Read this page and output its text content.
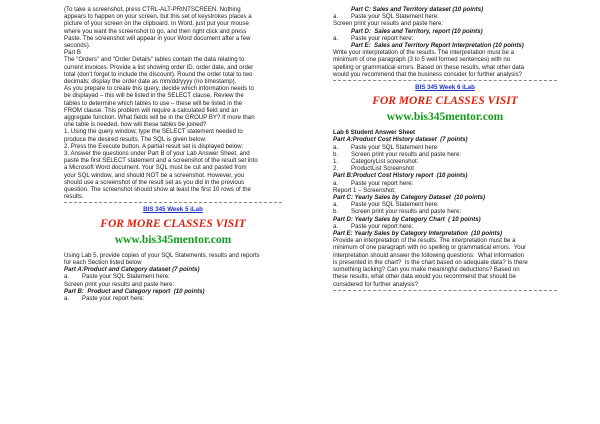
(To take a screenshot, press CTRL-ALT-PRINTSCREEN. Nothing

appears to happen on your screen, but this set of keystrokes places a

picture of your screen on the clipboard. In Word, just put your mouse

where you want the screenshot to go, and then right click and press

Paste. The screenshot will appear in your Word document after a few

seconds).

Part B

The "Orders" and "Order Details" tables contain the data relating to

current invoices. Provide a list showing order ID, order date, and order

total (don't forget to include the discount). Round the order total to two

decimals; display the order date as mm/dd/yyyy (no timestamp).

As you prepare to create this query, decide which information needs to

be displayed – this will be listed in the SELECT clause. Review the

tables to determine which tables to use – these will be listed in the

FROM clause. This problem will require a calculated field and an

aggregate function. What fields will be in the GROUP BY? If more than

one table is needed, how will these tables be joined?

1. Using the query window, type the SELECT statement needed to

produce the desired results. The SQL is given below:

2. Press the Execute button. A partial result set is displayed below:

3. Answer the questions under Part B of your Lab Answer Sheet, and

paste the first SELECT statement and a screenshot of the result set into

a Microsoft Word document. Your SQL must be cut and pasted from

your SQL window, and should NOT be a screenshot. However, you

should use a screenshot of the result set as you did in the previous

question. The screenshot should show at least the first 10 rows of the

results.

BIS 345 Week 5 iLab

FOR MORE CLASSES VISIT

www.bis345mentor.com

Using Lab 5, provide copies of your SQL Statements, results and reports

for each Section listed below

Part A:Product and Category dataset (7 points)

a. Paste your SQL Statement here:

Screen print your results and paste here:

Part B:  Product and Category report  (10 points)

a. Paste your report here:

Part C: Sales and Territory dataset (10 points)

a. Paste your SQL Statement here:

Screen print your results and paste here:

Part D:  Sales and Territory, report (10 points)

a. Paste your report here:

Part E:  Sales and Territory Report Interpretation (10 points)

Write your interpretation of the results. The interpretation must be a

minimum of one paragraph (3 to 5 well formed sentences) with no

spelling or grammatical errors. Based on these results, what other data

would you recommend that the business consider for further analysis?

BIS 345 Week 6 iLab

FOR MORE CLASSES VISIT

www.bis345mentor.com

Lab 6 Student Answer Sheet

Part A:Product Cost History dataset  (7 points)

a. Paste your SQL Statement here

b. Screen print your results and paste here:

1. CategoryList screenshot:

2. ProductList Screenshot

Part B:Product Cost History report  (10 points)

a. Paste your report here:

Report 1 – Screenshot:

Part C: Yearly Sales by Category Dataset  (10 points)

a. Paste your SQL Statement here:

b. Screen print your results and paste here:

Part D: Yearly Sales by Category Chart  ( 10 points)

a. Paste your report here:

Part E: Yearly Sales by Category Interpretation  (10 points)

Provide an interpretation of the results. The interpretation must be a

minimum of one paragraph with no spelling or grammatical errors.  Your

interpretation should answer the following questions:  What information

is presented in the chart?  Is the chart based on adequate data? Is there

something lacking? Can you make meaningful deductions? Based on

these results, what other data would you recommend that should be

considered for further analysis?
